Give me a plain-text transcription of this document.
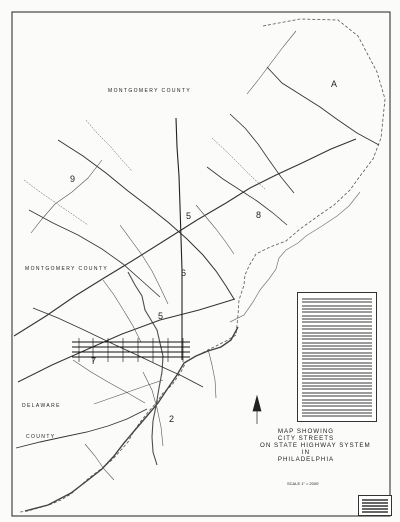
MONTGOMERY COUNTY
MONTGOMERY COUNTY
DELAWARE
COUNTY
A
9
5
6
8
5
7
2
MAP SHOWING
CITY STREETS
ON STATE HIGHWAY SYSTEM
IN
PHILADELPHIA
SCALE 1" = 2000'
